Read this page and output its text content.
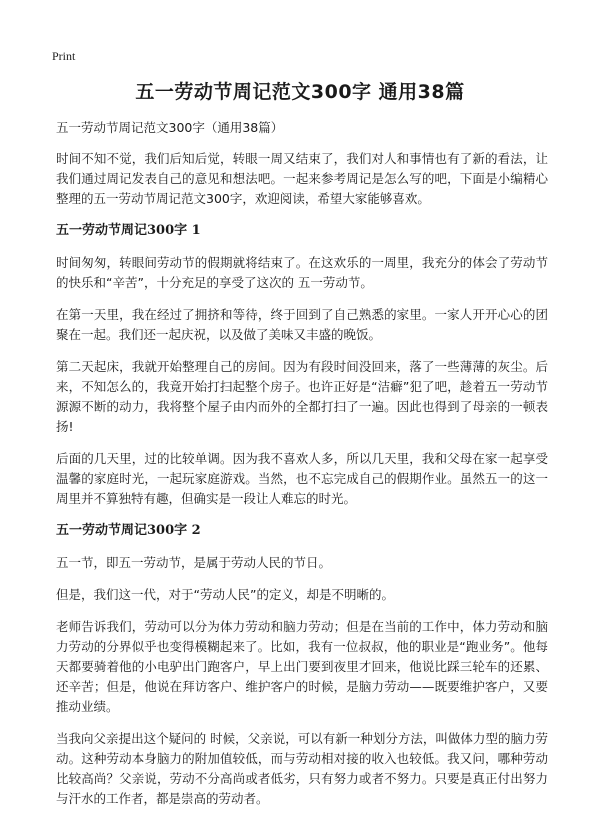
Print
五一劳动节周记范文300字 通用38篇
五一劳动节周记范文300字（通用38篇）

时间不知不觉，我们后知后觉，转眼一周又结束了，我们对人和事情也有了新的看法，让我们通过周记发表自己的意见和想法吧。一起来参考周记是怎么写的吧，下面是小编精心整理的五一劳动节周记范文300字，欢迎阅读，希望大家能够喜欢。

五一劳动节周记300字 1

时间匆匆，转眼间劳动节的假期就将结束了。在这欢乐的一周里，我充分的体会了劳动节的快乐和“辛苦”，十分充足的享受了这次的 五一劳动节。

在第一天里，我在经过了拥挤和等待，终于回到了自己熟悉的家里。一家人开开心心的团聚在一起。我们还一起庆祝，以及做了美味又丰盛的晚饭。

第二天起床，我就开始整理自己的房间。因为有段时间没回来，落了一些薄薄的灰尘。后来，不知怎么的，我竟开始打扫起整个房子。也许正好是“洁癖”犯了吧，趁着五一劳动节源源不断的动力，我将整个屋子由内而外的全都打扫了一遍。因此也得到了母亲的一顿表扬!

后面的几天里，过的比较单调。因为我不喜欢人多，所以几天里，我和父母在家一起享受温馨的家庭时光，一起玩家庭游戏。当然，也不忘完成自己的假期作业。虽然五一的这一周里并不算独特有趣，但确实是一段让人难忘的时光。

五一劳动节周记300字 2

五一节，即五一劳动节，是属于劳动人民的节日。

但是，我们这一代，对于“劳动人民”的定义，却是不明晰的。

老师告诉我们，劳动可以分为体力劳动和脑力劳动；但是在当前的工作中，体力劳动和脑力劳动的分界似乎也变得模糊起来了。比如，我有一位叔叔，他的职业是“跑业务”。他每天都要骑着他的小电驴出门跑客户，早上出门要到夜里才回来，他说比踩三轮车的还累、还辛苦；但是，他说在拜访客户、维护客户的时候，是脑力劳动——既要维护客户，又要推动业绩。

当我向父亲提出这个疑问的 时候，父亲说，可以有新一种划分方法，叫做体力型的脑力劳动。这种劳动本身脑力的附加值较低，而与劳动相对接的收入也较低。我又问，哪种劳动比较高尚？父亲说，劳动不分高尚或者低劣，只有努力或者不努力。只要是真正付出努力与汗水的工作者，都是崇高的劳动者。
